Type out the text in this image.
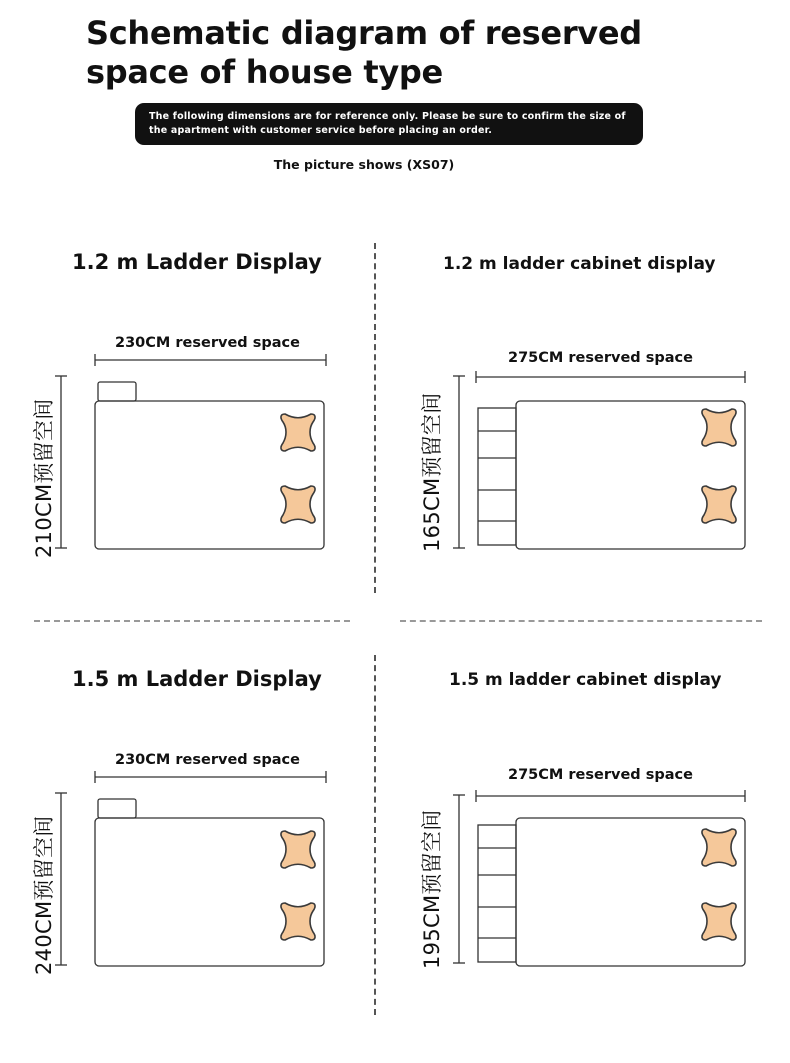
Schematic diagram of reserved space of house type
The following dimensions are for reference only. Please be sure to confirm the size of the apartment with customer service before placing an order.
The picture shows (XS07)
1.2 m Ladder Display
230CM reserved space
210CM预留空间
1.2 m ladder cabinet display
275CM reserved space
165CM预留空间
1.5 m Ladder Display
230CM reserved space
240CM预留空间
1.5 m ladder cabinet display
275CM reserved space
195CM预留空间
